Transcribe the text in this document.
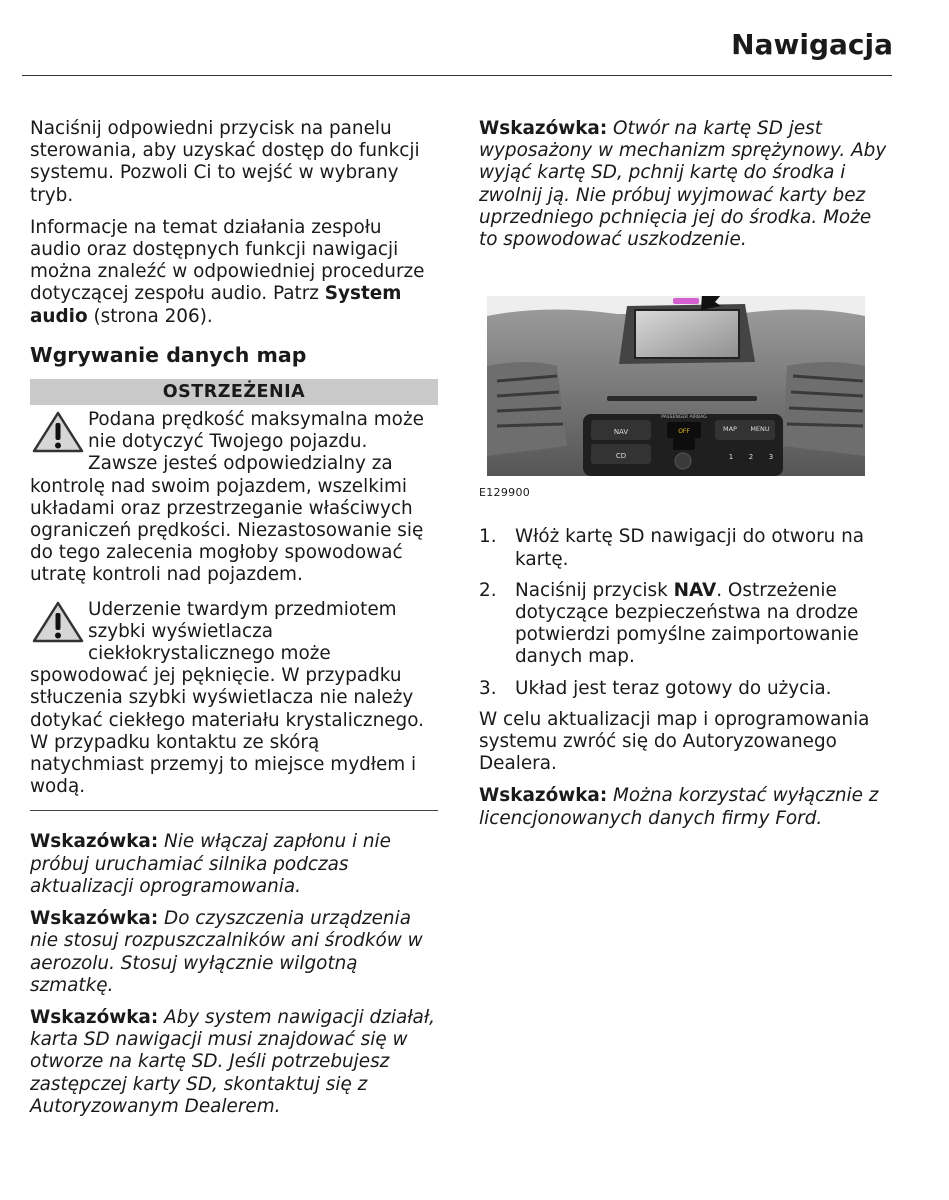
Nawigacja

Naciśnij odpowiedni przycisk na panelu sterowania, aby uzyskać dostęp do funkcji systemu. Pozwoli Ci to wejść w wybrany tryb.

Informacje na temat działania zespołu audio oraz dostępnych funkcji nawigacji można znaleźć w odpowiedniej procedurze dotyczącej zespołu audio. Patrz System audio (strona 206).

Wgrywanie danych map
OSTRZEŻENIA
Podana prędkość maksymalna może nie dotyczyć Twojego pojazdu. Zawsze jesteś odpowiedzialny za kontrolę nad swoim pojazdem, wszelkimi układami oraz przestrzeganie właściwych ograniczeń prędkości. Niezastosowanie się do tego zalecenia mogłoby spowodować utratę kontroli nad pojazdem.
Uderzenie twardym przedmiotem szybki wyświetlacza ciekłokrystalicznego może spowodować jej pęknięcie. W przypadku stłuczenia szybki wyświetlacza nie należy dotykać ciekłego materiału krystalicznego. W przypadku kontaktu ze skórą natychmiast przemyj to miejsce mydłem i wodą.

Wskazówka: Nie włączaj zapłonu i nie próbuj uruchamiać silnika podczas aktualizacji oprogramowania.

Wskazówka: Do czyszczenia urządzenia nie stosuj rozpuszczalników ani środków w aerozolu. Stosuj wyłącznie wilgotną szmatkę.

Wskazówka: Aby system nawigacji działał, karta SD nawigacji musi znajdować się w otworze na kartę SD. Jeśli potrzebujesz zastępczej karty SD, skontaktuj się z Autoryzowanym Dealerem.

Wskazówka: Otwór na kartę SD jest wyposażony w mechanizm sprężynowy. Aby wyjąć kartę SD, pchnij kartę do środka i zwolnij ją. Nie próbuj wyjmować karty bez uprzedniego pchnięcia jej do środka. Może to spowodować uszkodzenie.

NAV
CD
MAP MENU
PASSENGER AIRBAG
OFF
1 2 3
E129900
1. Włóż kartę SD nawigacji do otworu na kartę.
2. Naciśnij przycisk NAV. Ostrzeżenie dotyczące bezpieczeństwa na drodze potwierdzi pomyślne zaimportowanie danych map.
3. Układ jest teraz gotowy do użycia.

W celu aktualizacji map i oprogramowania systemu zwróć się do Autoryzowanego Dealera.

Wskazówka: Można korzystać wyłącznie z licencjonowanych danych firmy Ford.
